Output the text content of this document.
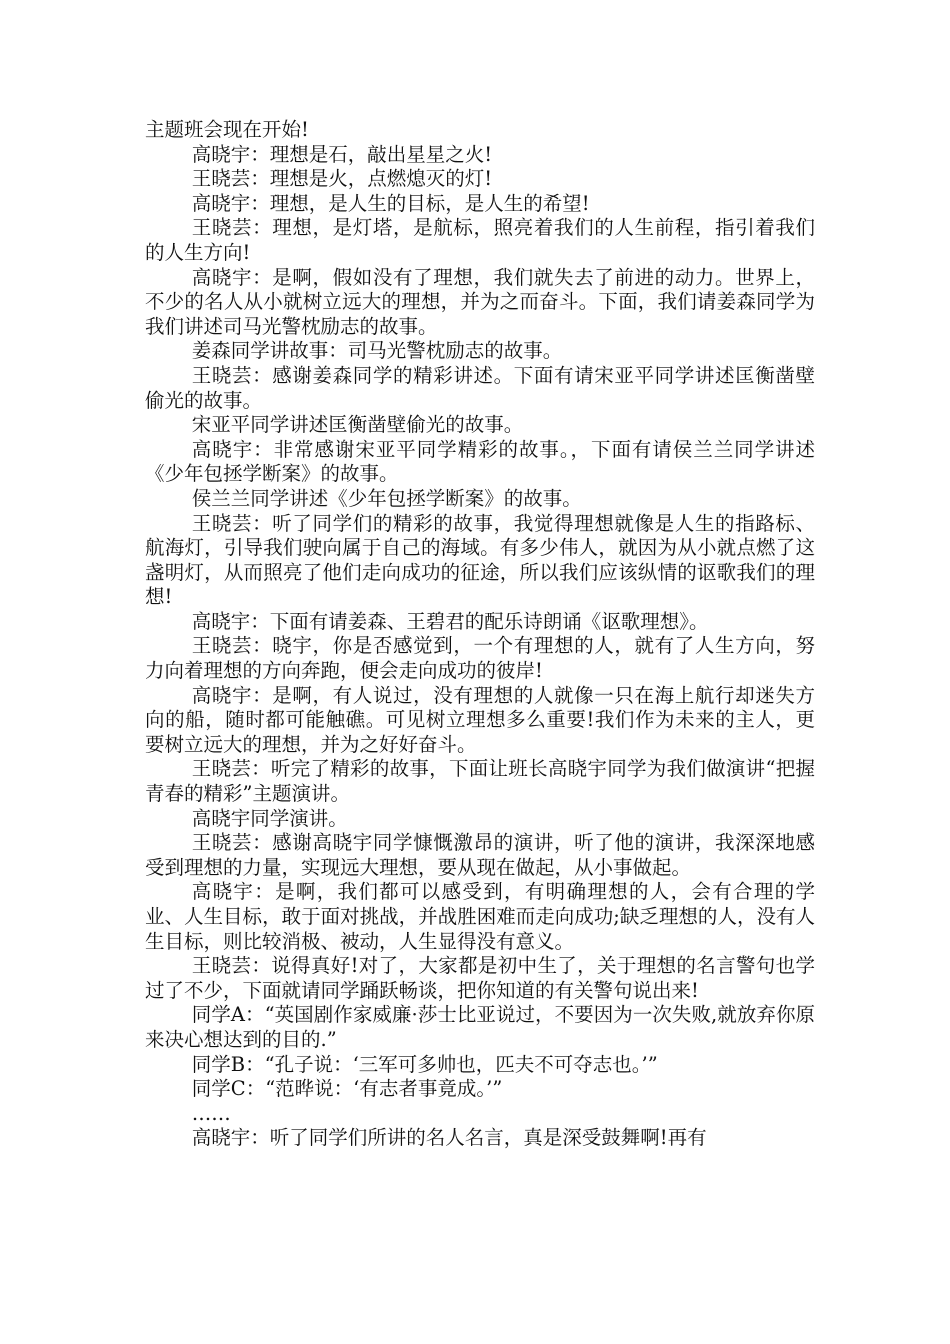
主题班会现在开始!

高晓宇：理想是石，敲出星星之火!

王晓芸：理想是火，点燃熄灭的灯!

高晓宇：理想，是人生的目标，是人生的希望!

王晓芸：理想，是灯塔，是航标，照亮着我们的人生前程，指引着我们的人生方向!

高晓宇：是啊，假如没有了理想，我们就失去了前进的动力。世界上，不少的名人从小就树立远大的理想，并为之而奋斗。下面，我们请姜森同学为我们讲述司马光警枕励志的故事。

姜森同学讲故事：司马光警枕励志的故事。

王晓芸：感谢姜森同学的精彩讲述。下面有请宋亚平同学讲述匡衡凿壁偷光的故事。

宋亚平同学讲述匡衡凿壁偷光的故事。

高晓宇：非常感谢宋亚平同学精彩的故事。，下面有请侯兰兰同学讲述《少年包拯学断案》的故事。

侯兰兰同学讲述《少年包拯学断案》的故事。

王晓芸：听了同学们的精彩的故事，我觉得理想就像是人生的指路标、航海灯，引导我们驶向属于自己的海域。有多少伟人，就因为从小就点燃了这盏明灯，从而照亮了他们走向成功的征途，所以我们应该纵情的讴歌我们的理想!

高晓宇：下面有请姜森、王碧君的配乐诗朗诵《讴歌理想》。

王晓芸：晓宇，你是否感觉到，一个有理想的人，就有了人生方向，努力向着理想的方向奔跑，便会走向成功的彼岸!

高晓宇：是啊，有人说过，没有理想的人就像一只在海上航行却迷失方向的船，随时都可能触礁。可见树立理想多么重要!我们作为未来的主人，更要树立远大的理想，并为之好好奋斗。

王晓芸：听完了精彩的故事，下面让班长高晓宇同学为我们做演讲“把握青春的精彩”主题演讲。

高晓宇同学演讲。

王晓芸：感谢高晓宇同学慷慨激昂的演讲，听了他的演讲，我深深地感受到理想的力量，实现远大理想，要从现在做起，从小事做起。

高晓宇：是啊，我们都可以感受到，有明确理想的人，会有合理的学业、人生目标，敢于面对挑战，并战胜困难而走向成功;缺乏理想的人，没有人生目标，则比较消极、被动，人生显得没有意义。

王晓芸：说得真好!对了，大家都是初中生了，关于理想的名言警句也学过了不少，下面就请同学踊跃畅谈，把你知道的有关警句说出来!

同学A：“英国剧作家威廉·莎士比亚说过，不要因为一次失败,就放弃你原来决心想达到的目的.”

同学B：“孔子说：‘三军可多帅也，匹夫不可夺志也。’”

同学C：“范晔说：‘有志者事竟成。’”

……

高晓宇：听了同学们所讲的名人名言，真是深受鼓舞啊!再有
